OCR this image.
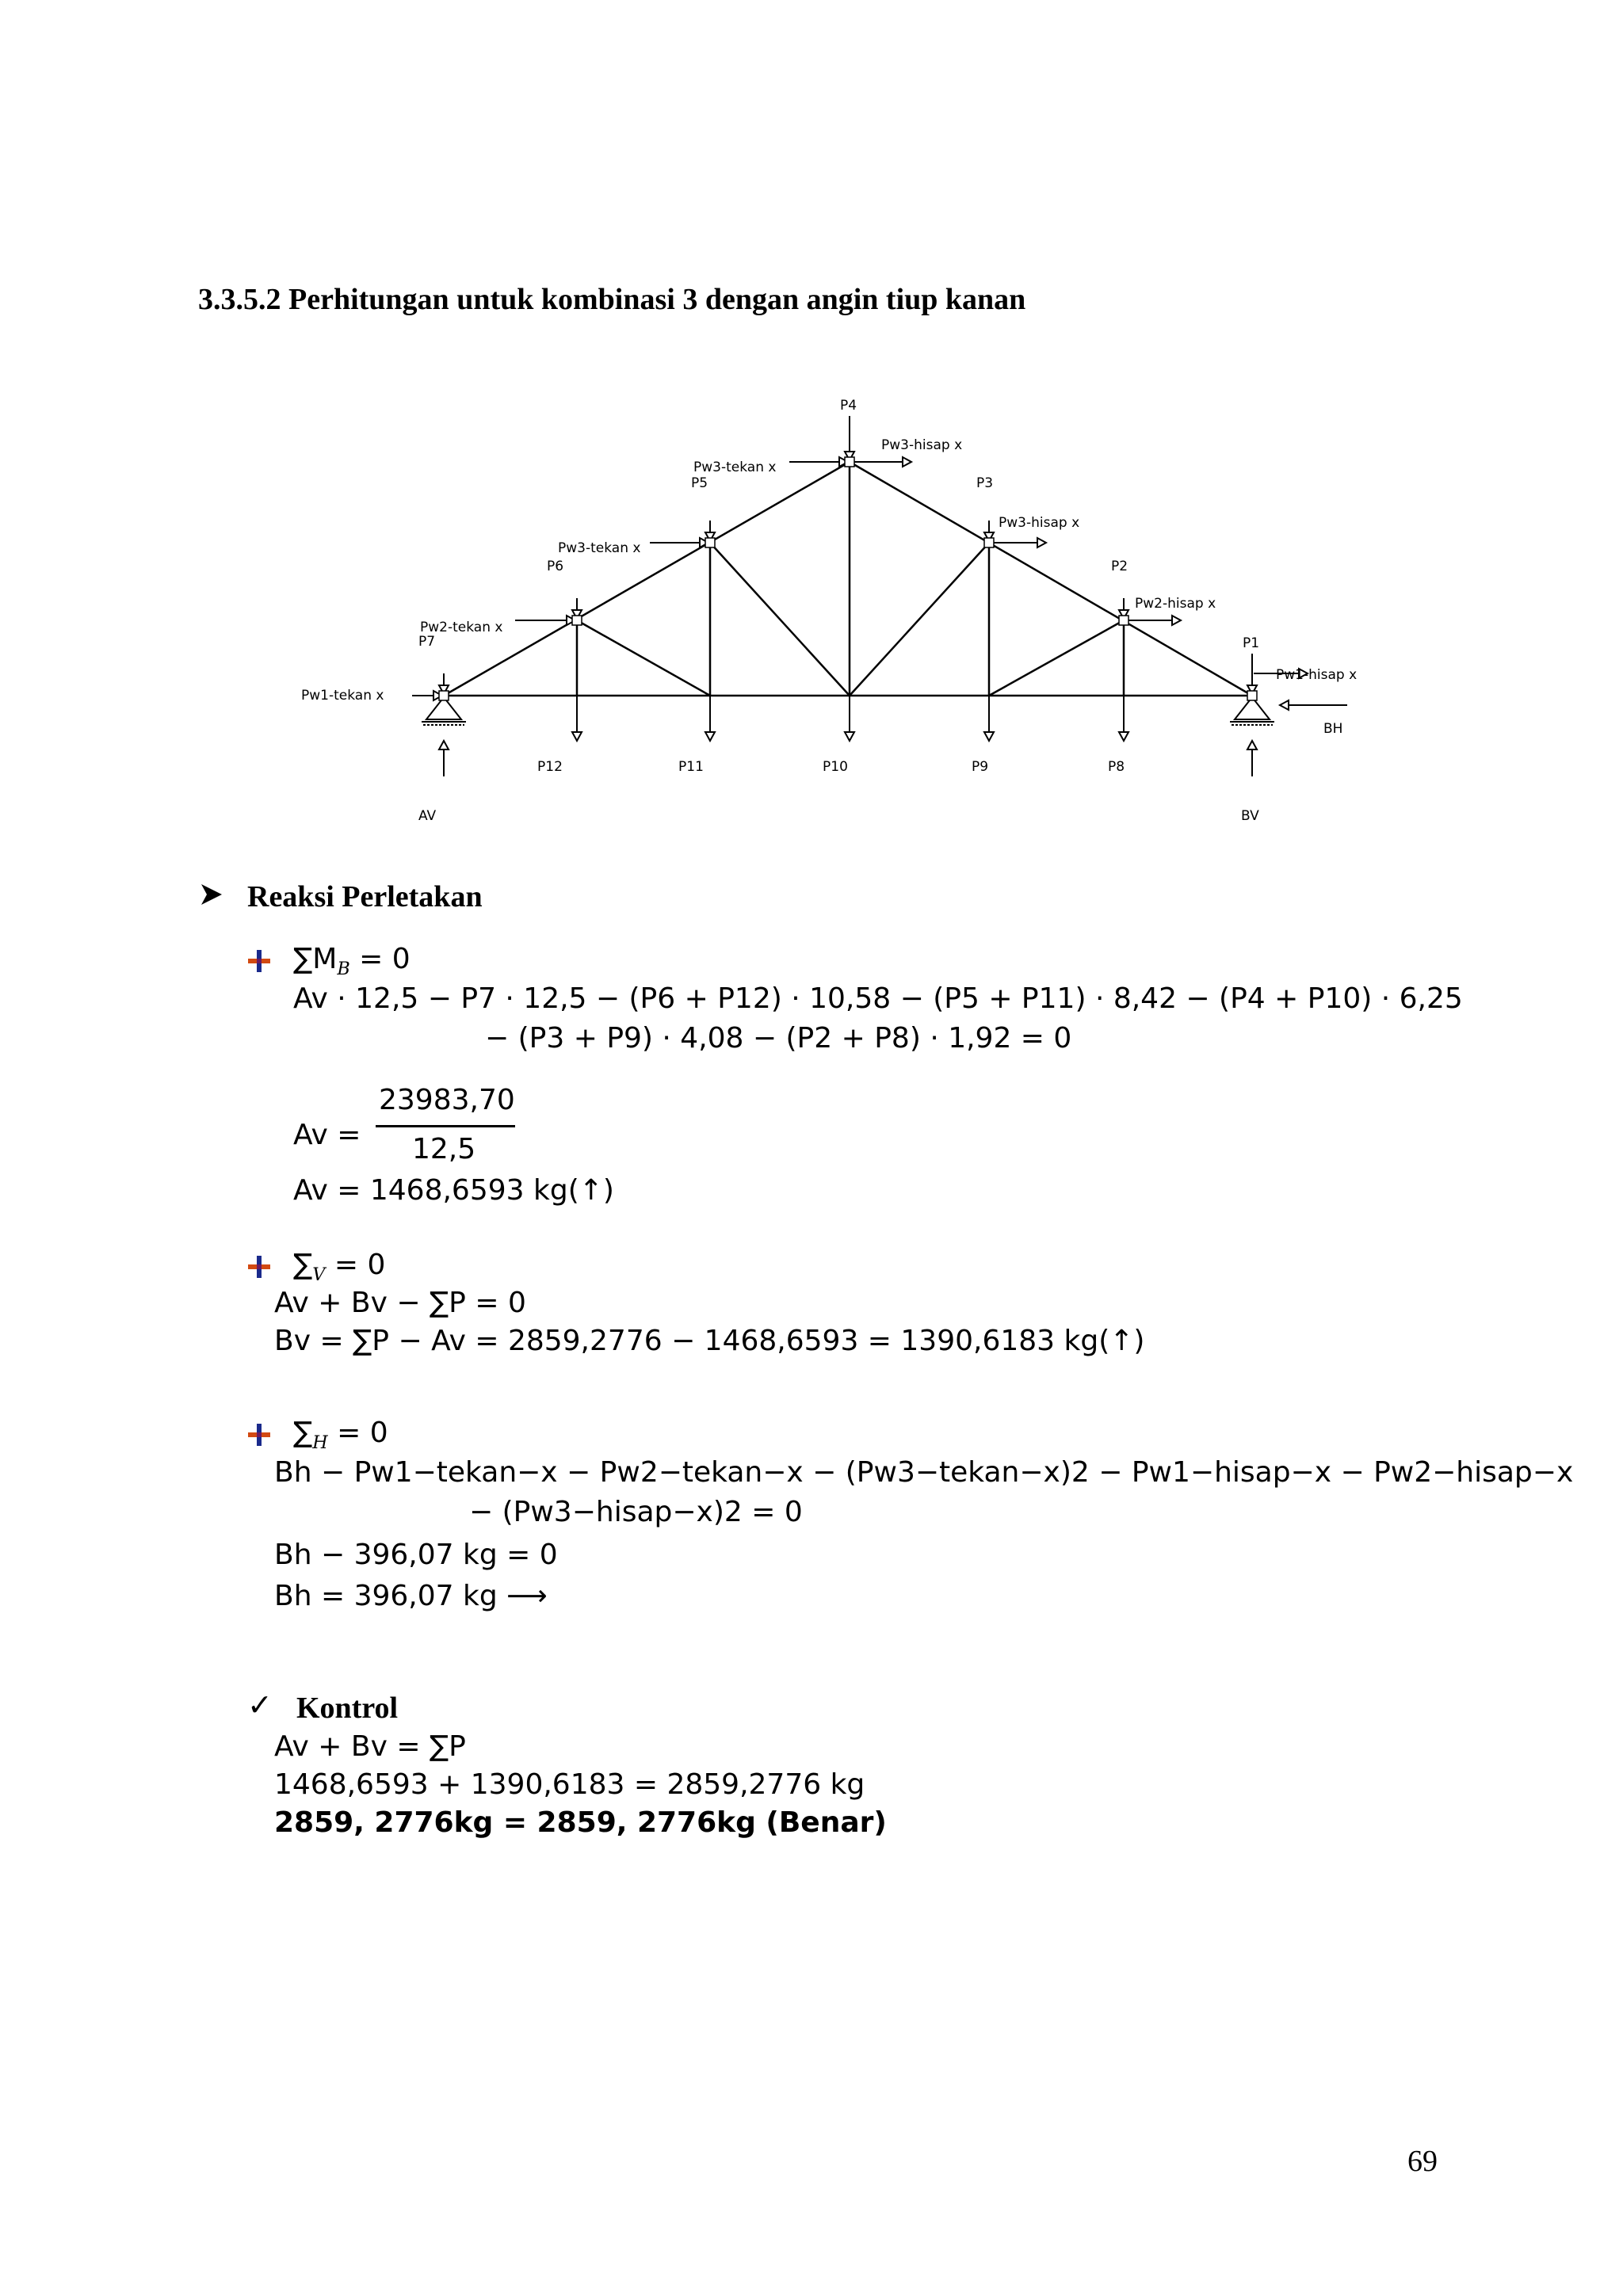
3.3.5.2 Perhitungan untuk kombinasi 3 dengan angin tiup kanan
P4
P5	P3
P6	P2
P7	P1
P12	P11	P10	P9	P8
AV	BV
BH
Pw1-tekan x
Pw2-tekan x
Pw3-tekan x
Pw3-tekan x
Pw3-hisap x
Pw3-hisap x
Pw2-hisap x
Pw1-hisap x
Reaksi Perletakan
$\sum M_B = 0$
Av · 12,5 − P7 · 12,5 − (P6 + P12) · 10,58 − (P5 + P11) · 8,42 − (P4 + P10) · 6,25
− (P3 + P9) · 4,08 − (P2 + P8) · 1,92 = 0
Av =
23983,70
12,5
Av = 1468,6593 kg(↑)
$\sum_V = 0$
Av + Bv − ∑P = 0
Bv = ∑P − Av = 2859,2776 − 1468,6593 = 1390,6183 kg(↑)
$\sum_H = 0$
Bh − Pw1−tekan−x − Pw2−tekan−x − (Pw3−tekan−x)2 − Pw1−hisap−x − Pw2−hisap−x
− (Pw3−hisap−x)2 = 0
Bh − 396,07 kg = 0
Bh = 396,07 kg ⟶
✓ Kontrol
Av + Bv = ∑P
1468,6593 + 1390,6183 = 2859,2776 kg
2859, 2776kg = 2859, 2776kg (Benar)
69
